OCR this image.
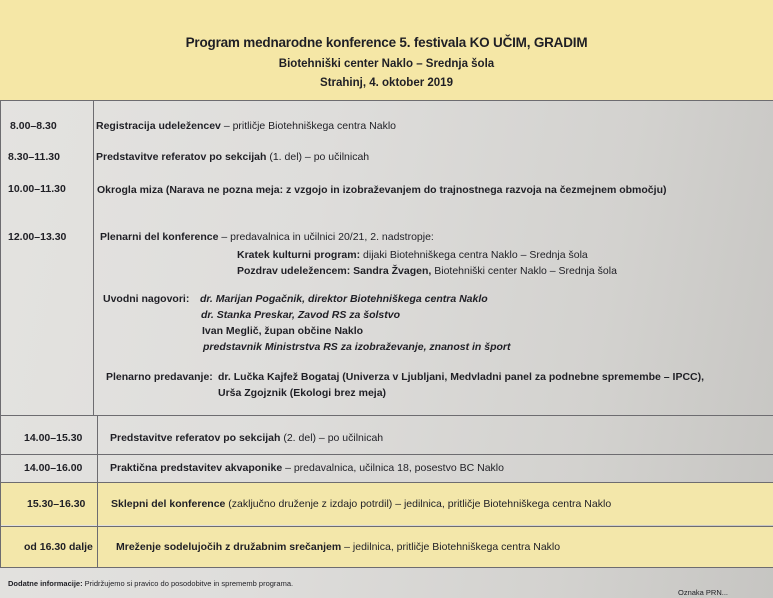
Program mednarodne konference 5. festivala KO UČIM, GRADIM
Biotehniški center Naklo – Srednja šola
Strahinj, 4. oktober 2019
8.00–8.30	Registracija udeležencev – pritličje Biotehniškega centra Naklo
8.30–11.30	Predstavitve referatov po sekcijah (1. del) – po učilnicah
10.00–11.30	Okrogla miza (Narava ne pozna meja: z vzgojo in izobraževanjem do trajnostnega razvoja na čezmejnem območju)
12.00–13.30	Plenarni del konference – predavalnica in učilnici 20/21, 2. nadstropje:
Kratek kulturni program: dijaki Biotehniškega centra Naklo – Srednja šola
Pozdrav udeležencem: Sandra Žvagen, Biotehniški center Naklo – Srednja šola
Uvodni nagovori: dr. Marijan Pogačnik, direktor Biotehniškega centra Naklo
dr. Stanka Preskar, Zavod RS za šolstvo
Ivan Meglič, župan občine Naklo
predstavnik Ministrstva RS za izobraževanje, znanost in šport
Plenarno predavanje: dr. Lučka Kajfež Bogataj (Univerza v Ljubljani, Medvladni panel za podnebne spremembe – IPCC),
Urša Zgojznik (Ekologi brez meja)
14.00–15.30	Predstavitve referatov po sekcijah (2. del) – po učilnicah
14.00–16.00	Praktična predstavitev akvaponike – predavalnica, učilnica 18, posestvo BC Naklo
15.30–16.30 Sklepni del konference (zaključno druženje z izdajo potrdil) – jedilnica, pritličje Biotehniškega centra Naklo
od 16.30 dalje Mreženje sodelujočih z družabnim srečanjem – jedilnica, pritličje Biotehniškega centra Naklo
Dodatne informacije: Pridržujemo si pravico do posodobitve in sprememb programa.
Oznaka PRN...
